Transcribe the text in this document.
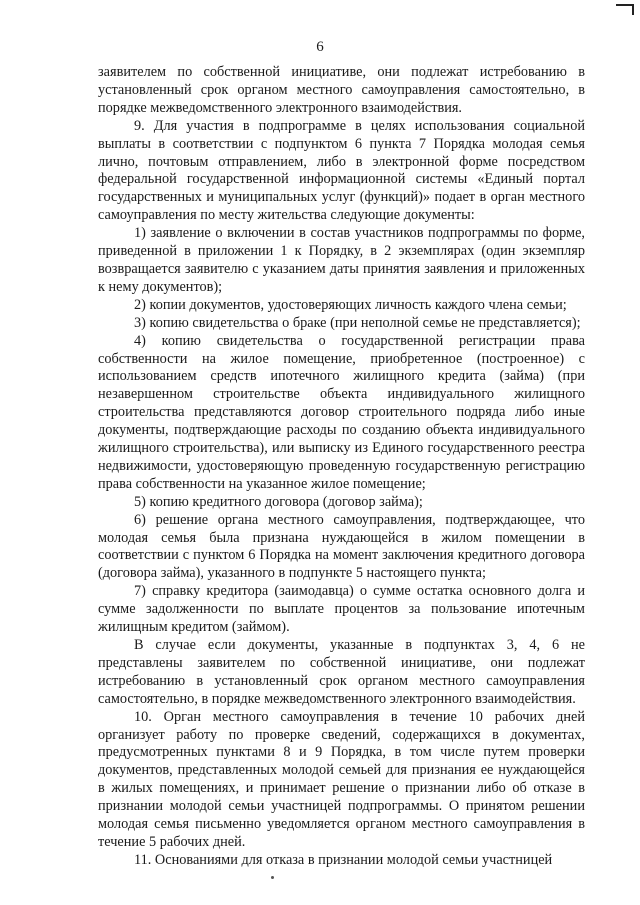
6

заявителем по собственной инициативе, они подлежат истребованию в установленный срок органом местного самоуправления самостоятельно, в порядке межведомственного электронного взаимодействия.

9. Для участия в подпрограмме в целях использования социальной выплаты в соответствии с подпунктом 6 пункта 7 Порядка молодая семья лично, почтовым отправлением, либо в электронной форме посредством федеральной государственной информационной системы «Единый портал государственных и муниципальных услуг (функций)» подает в орган местного самоуправления по месту жительства следующие документы:

1) заявление о включении в состав участников подпрограммы по форме, приведенной в приложении 1 к Порядку, в 2 экземплярах (один экземпляр возвращается заявителю с указанием даты принятия заявления и приложенных к нему документов);

2) копии документов, удостоверяющих личность каждого члена семьи;

3) копию свидетельства о браке (при неполной семье не представляется);

4) копию свидетельства о государственной регистрации права собственности на жилое помещение, приобретенное (построенное) с использованием средств ипотечного жилищного кредита (займа) (при незавершенном строительстве объекта индивидуального жилищного строительства представляются договор строительного подряда либо иные документы, подтверждающие расходы по созданию объекта индивидуального жилищного строительства), или выписку из Единого государственного реестра недвижимости, удостоверяющую проведенную государственную регистрацию права собственности на указанное жилое помещение;

5) копию кредитного договора (договор займа);

6) решение органа местного самоуправления, подтверждающее, что молодая семья была признана нуждающейся в жилом помещении в соответствии с пунктом 6 Порядка на момент заключения кредитного договора (договора займа), указанного в подпункте 5 настоящего пункта;

7) справку кредитора (заимодавца) о сумме остатка основного долга и сумме задолженности по выплате процентов за пользование ипотечным жилищным кредитом (займом).

В случае если документы, указанные в подпунктах 3, 4, 6 не представлены заявителем по собственной инициативе, они подлежат истребованию в установленный срок органом местного самоуправления самостоятельно, в порядке межведомственного электронного взаимодействия.

10. Орган местного самоуправления в течение 10 рабочих дней организует работу по проверке сведений, содержащихся в документах, предусмотренных пунктами 8 и 9 Порядка, в том числе путем проверки документов, представленных молодой семьей для признания ее нуждающейся в жилых помещениях, и принимает решение о признании либо об отказе в признании молодой семьи участницей подпрограммы. О принятом решении молодая семья письменно уведомляется органом местного самоуправления в течение 5 рабочих дней.

11. Основаниями для отказа в признании молодой семьи участницей
